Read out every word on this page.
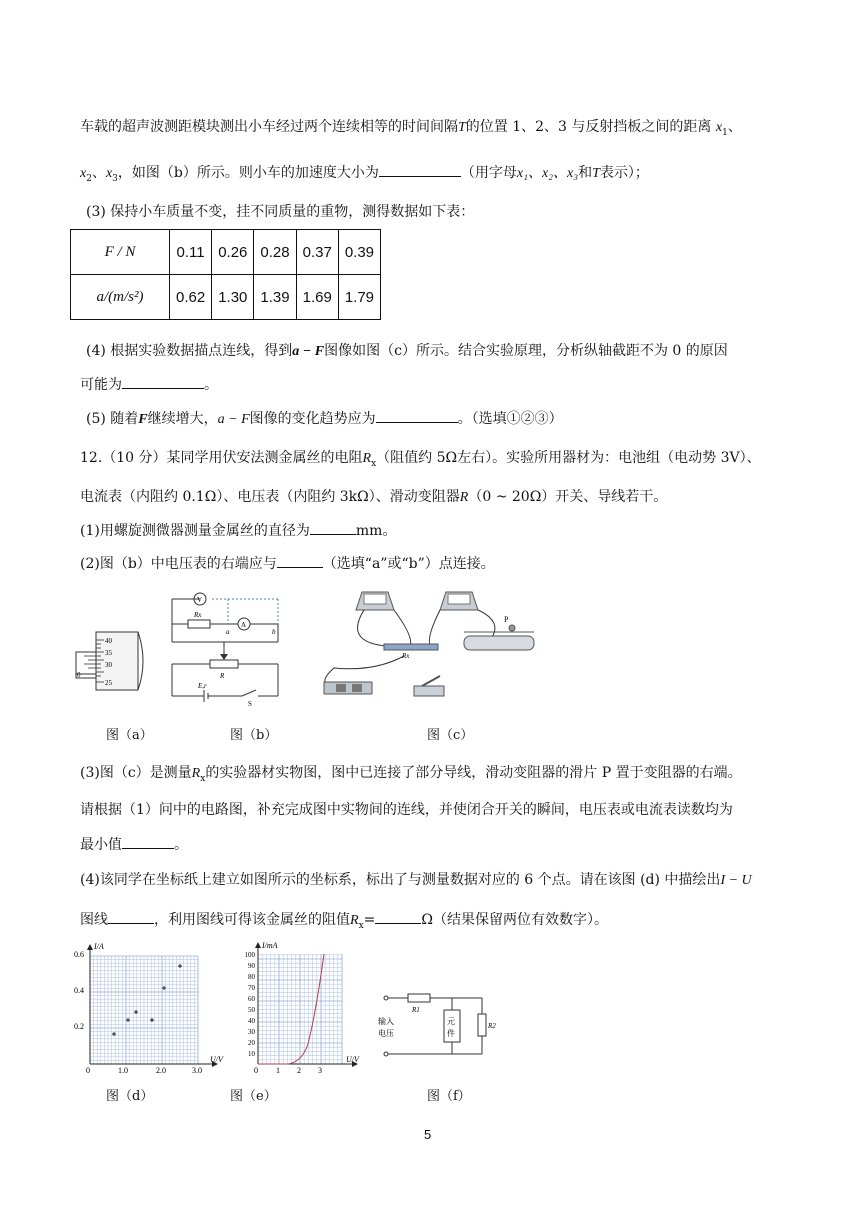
车载的超声波测距模块测出小车经过两个连续相等的时间间隔T的位置 1、2、3 与反射挡板之间的距离 $x_1$、
$x_2$、$x_3$，如图（b）所示。则小车的加速度大小为	（用字母x₁、x₂、x₃和T表示）；
(3) 保持小车质量不变，挂不同质量的重物，测得数据如下表：
F / N	0.11	0.26	0.28	0.37	0.39
a/(m/s²)	0.62	1.30	1.39	1.69	1.79
(4) 根据实验数据描点连线，得到a − F图像如图（c）所示。结合实验原理，分析纵轴截距不为 0 的原因
可能为	。
(5) 随着F继续增大，a − F图像的变化趋势应为	。（选填①②③）
12.（10 分）某同学用伏安法测金属丝的电阻$R_x$（阻值约 5Ω左右）。实验所用器材为：电池组（电动势 3V）、
电流表（内阻约 0.1Ω）、电压表（内阻约 3kΩ）、滑动变阻器R（0 ~ 20Ω）开关、导线若干。
(1)用螺旋测微器测量金属丝的直径为	mm。
(2)图（b）中电压表的右端应与	（选填“a”或“b”）点连接。
40
35
30
25
0
V
A
Rx
a	b
R
E,r
S
Rx
P
图（a）	图（b）	图（c）
(3)图（c）是测量$R_x$的实验器材实物图，图中已连接了部分导线，滑动变阻器的滑片 P 置于变阻器的右端。
请根据（1）问中的电路图，补充完成图中实物间的连线，并使闭合开关的瞬间，电压表或电流表读数均为
最小值	。
(4)该同学在坐标纸上建立如图所示的坐标系，标出了与测量数据对应的 6 个点。请在该图 (d) 中描绘出I − U
图线	，利用图线可得该金属丝的阻值$R_x=$	Ω（结果保留两位有效数字）。
I/A
U/V
0.6
0.4
0.2
0	1.0	2.0	3.0
I/mA
U/V
100
90
80
70
60
50
40
30
20
10
0 1 2 3
R1
R2
输入
电压
元
件
图（d）	图（e）	图（f）
5
